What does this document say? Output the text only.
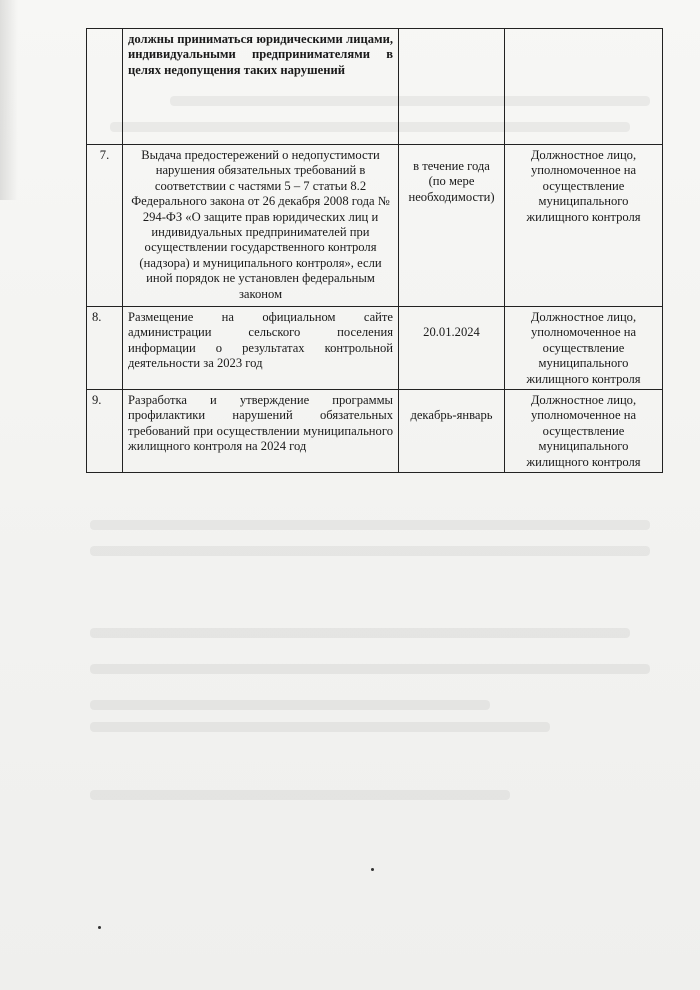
	должны приниматься юридическими лицами, индивидуальными предпринимателями в целях недопущения таких нарушений		
7.	Выдача предостережений о недопустимости нарушения обязательных требований в соответствии с частями 5 – 7 статьи 8.2 Федерального закона от 26 декабря 2008 года № 294-ФЗ «О защите прав юридических лиц и индивидуальных предпринимателей при осуществлении государственного контроля (надзора) и муниципального контроля», если иной порядок не установлен федеральным законом	в течение года (по мере необходимости)	Должностное лицо, уполномоченное на осуществление муниципального жилищного контроля
8.	Размещение на официальном сайте администрации сельского поселения информации о результатах контрольной деятельности за 2023 год	20.01.2024	Должностное лицо, уполномоченное на осуществление муниципального жилищного контроля
9.	Разработка и утверждение программы профилактики нарушений обязательных требований при осуществлении муниципального жилищного контроля на 2024 год	декабрь-январь	Должностное лицо, уполномоченное на осуществление муниципального жилищного контроля
